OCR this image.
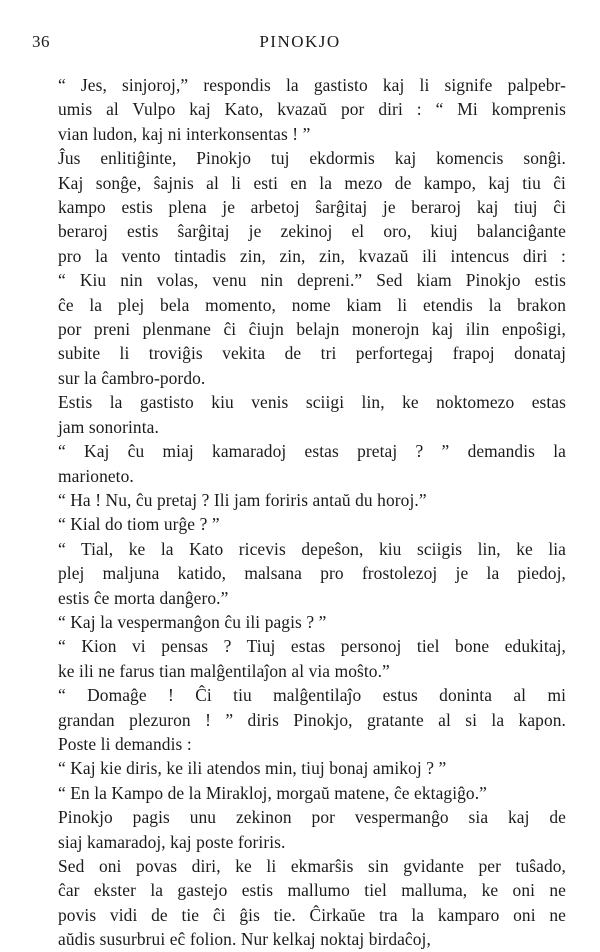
36	PINOKJO

“ Jes, sinjoroj,” respondis la gastisto kaj li signife palpebr-
umis al Vulpo kaj Kato, kvazaŭ por diri : “ Mi komprenis
vian ludon, kaj ni interkonsentas ! ”

Ĵus enlitiĝinte, Pinokjo tuj ekdormis kaj komencis sonĝi.
Kaj sonĝe, ŝajnis al li esti en la mezo de kampo, kaj tiu ĉi
kampo estis plena je arbetoj ŝarĝitaj je beraroj kaj tiuj ĉi
beraroj estis ŝarĝitaj je zekinoj el oro, kiuj balanciĝante
pro la vento tintadis zin, zin, zin, kvazaŭ ili intencus diri :
“ Kiu nin volas, venu nin depreni.” Sed kiam Pinokjo estis
ĉe la plej bela momento, nome kiam li etendis la brakon
por preni plenmane ĉi ĉiujn belajn monerojn kaj ilin enpoŝigi,
subite li troviĝis vekita de tri perfortegaj frapoj donataj
sur la ĉambro-pordo.

Estis la gastisto kiu venis sciigi lin, ke noktomezo estas
jam sonorinta.

“ Kaj ĉu miaj kamaradoj estas pretaj ? ” demandis la
marioneto.

“ Ha ! Nu, ĉu pretaj ? Ili jam foriris antaŭ du horoj.”

“ Kial do tiom urĝe ? ”

“ Tial, ke la Kato ricevis depeŝon, kiu sciigis lin, ke lia
plej maljuna katido, malsana pro frostolezoj je la piedoj,
estis ĉe morta danĝero.”

“ Kaj la vespermanĝon ĉu ili pagis ? ”

“ Kion vi pensas ? Tiuj estas personoj tiel bone edukitaj,
ke ili ne farus tian malĝentilaĵon al via moŝto.”

“ Domaĝe ! Ĉi tiu malĝentilaĵo estus doninta al mi
grandan plezuron ! ” diris Pinokjo, gratante al si la kapon.
Poste li demandis :

“ Kaj kie diris, ke ili atendos min, tiuj bonaj amikoj ? ”

“ En la Kampo de la Mirakloj, morgaŭ matene, ĉe ektagiĝo.”

Pinokjo pagis unu zekinon por vespermanĝo sia kaj de
siaj kamaradoj, kaj poste foriris.

Sed oni povas diri, ke li ekmarŝis sin gvidante per tuŝado,
ĉar ekster la gastejo estis mallumo tiel malluma, ke oni ne
povis vidi de tie ĉi ĝis tie. Ĉirkaŭe tra la kamparo oni ne
aŭdis susurbrui eĉ folion. Nur kelkaj noktaj birdaĉoj,
